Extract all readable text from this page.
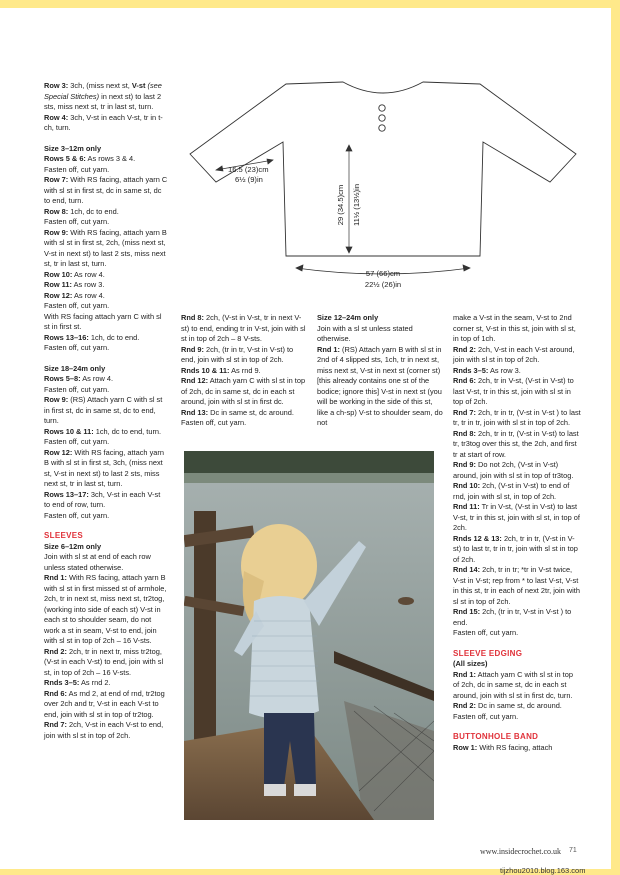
16.5 (23)cm
6½ (9)in
29 (34.5)cm 11½ (13½)in
57 (66)cm
22½ (26)in

Row 3: 3ch, (miss next st, V-st (see Special Stitches) in next st) to last 2 sts, miss next st, tr in last st, turn.

Row 4: 3ch, V-st in each V-st, tr in t-ch, turn.

Size 3–12m only

Rows 5 & 6: As rows 3 & 4.

Fasten off, cut yarn.

Row 7: With RS facing, attach yarn C with sl st in first st, dc in same st, dc to end, turn.

Row 8: 1ch, dc to end.

Fasten off, cut yarn.

Row 9: With RS facing, attach yarn B with sl st in first st, 2ch, (miss next st, V-st in next st) to last 2 sts, miss next st, tr in last st, turn.

Row 10: As row 4.

Row 11: As row 3.

Row 12: As row 4.

Fasten off, cut yarn.

With RS facing attach yarn C with sl st in first st.

Rows 13–16: 1ch, dc to end.

Fasten off, cut yarn.

Size 18–24m only

Rows 5–8: As row 4.

Fasten off, cut yarn.

Row 9: (RS) Attach yarn C with sl st in first st, dc in same st, dc to end, turn.

Rows 10 & 11: 1ch, dc to end, turn.

Fasten off, cut yarn.

Row 12: With RS facing, attach yarn B with sl st in first st, 3ch, (miss next st, V-st in next st) to last 2 sts, miss next st, tr in last st, turn.

Rows 13–17: 3ch, V-st in each V-st to end of row, turn.

Fasten off, cut yarn.

SLEEVES

Size 6–12m only

Join with sl st at end of each row unless stated otherwise.

Rnd 1: With RS facing, attach yarn B with sl st in first missed st of armhole, 2ch, tr in next st, miss next st, tr2tog, (working into side of each st) V-st in each st to shoulder seam, do not work a st in seam, V-st to end, join with sl st in top of 2ch – 16 V-sts.

Rnd 2: 2ch, tr in next tr, miss tr2tog, (V-st in each V-st) to end, join with sl st, in top of 2ch – 16 V-sts.

Rnds 3–5: As rnd 2.

Rnd 6: As rnd 2, at end of rnd, tr2tog over 2ch and tr, V-st in each V-st to end, join with sl st in top of tr2tog.

Rnd 7: 2ch, V-st in each V-st to end, join with sl st in top of 2ch.

Rnd 8: 2ch, (V-st in V-st, tr in next V-st) to end, ending tr in V-st, join with sl st in top of 2ch – 8 V-sts.

Rnd 9: 2ch, (tr in tr, V-st in V-st) to end, join with sl st in top of 2ch.

Rnds 10 & 11: As rnd 9.

Rnd 12: Attach yarn C with sl st in top of 2ch, dc in same st, dc in each st around, join with sl st in first dc.

Rnd 13: Dc in same st, dc around.

Fasten off, cut yarn.

Size 12–24m only

Join with a sl st unless stated otherwise.

Rnd 1: (RS) Attach yarn B with sl st in 2nd of 4 slipped sts, 1ch, tr in next st, miss next st, V-st in next st (corner st) [this already contains one st of the bodice; ignore this] V-st in next st (you will be working in the side of this st, like a ch-sp) V-st to shoulder seam, do not

make a V-st in the seam, V-st to 2nd corner st, V-st in this st, join with sl st, in top of 1ch.

Rnd 2: 2ch, V-st in each V-st around, join with sl st in top of 2ch.

Rnds 3–5: As row 3.

Rnd 6: 2ch, tr in V-st, (V-st in V-st) to last V-st, tr in this st, join with sl st in top of 2ch.

Rnd 7: 2ch, tr in tr, (V-st in V-st ) to last tr, tr in tr, join with sl st in top of 2ch.

Rnd 8: 2ch, tr in tr, (V-st in V-st) to last tr, tr3tog over this st, the 2ch, and first tr at start of row.

Rnd 9: Do not 2ch, (V-st in V-st) around, join with sl st in top of tr3tog.

Rnd 10: 2ch, (V-st in V-st) to end of rnd, join with sl st, in top of 2ch.

Rnd 11: Tr in V-st, (V-st in V-st) to last V-st, tr in this st, join with sl st, in top of 2ch.

Rnds 12 & 13: 2ch, tr in tr, (V-st in V-st) to last tr, tr in tr, join with sl st in top of 2ch.

Rnd 14: 2ch, tr in tr; *tr in V-st twice, V-st in V-st; rep from * to last V-st, V-st in this st, tr in each of next 2tr, join with sl st in top of 2ch.

Rnd 15: 2ch, (tr in tr, V-st in V-st ) to end.

Fasten off, cut yarn.

SLEEVE EDGING

(All sizes)

Rnd 1: Attach yarn C with sl st in top of 2ch, dc in same st, dc in each st around, join with sl st in first dc, turn.

Rnd 2: Dc in same st, dc around.

Fasten off, cut yarn.

BUTTONHOLE BAND

Row 1: With RS facing, attach

www.insidecrochet.co.uk 71
tijzhou2010.blog.163.com
